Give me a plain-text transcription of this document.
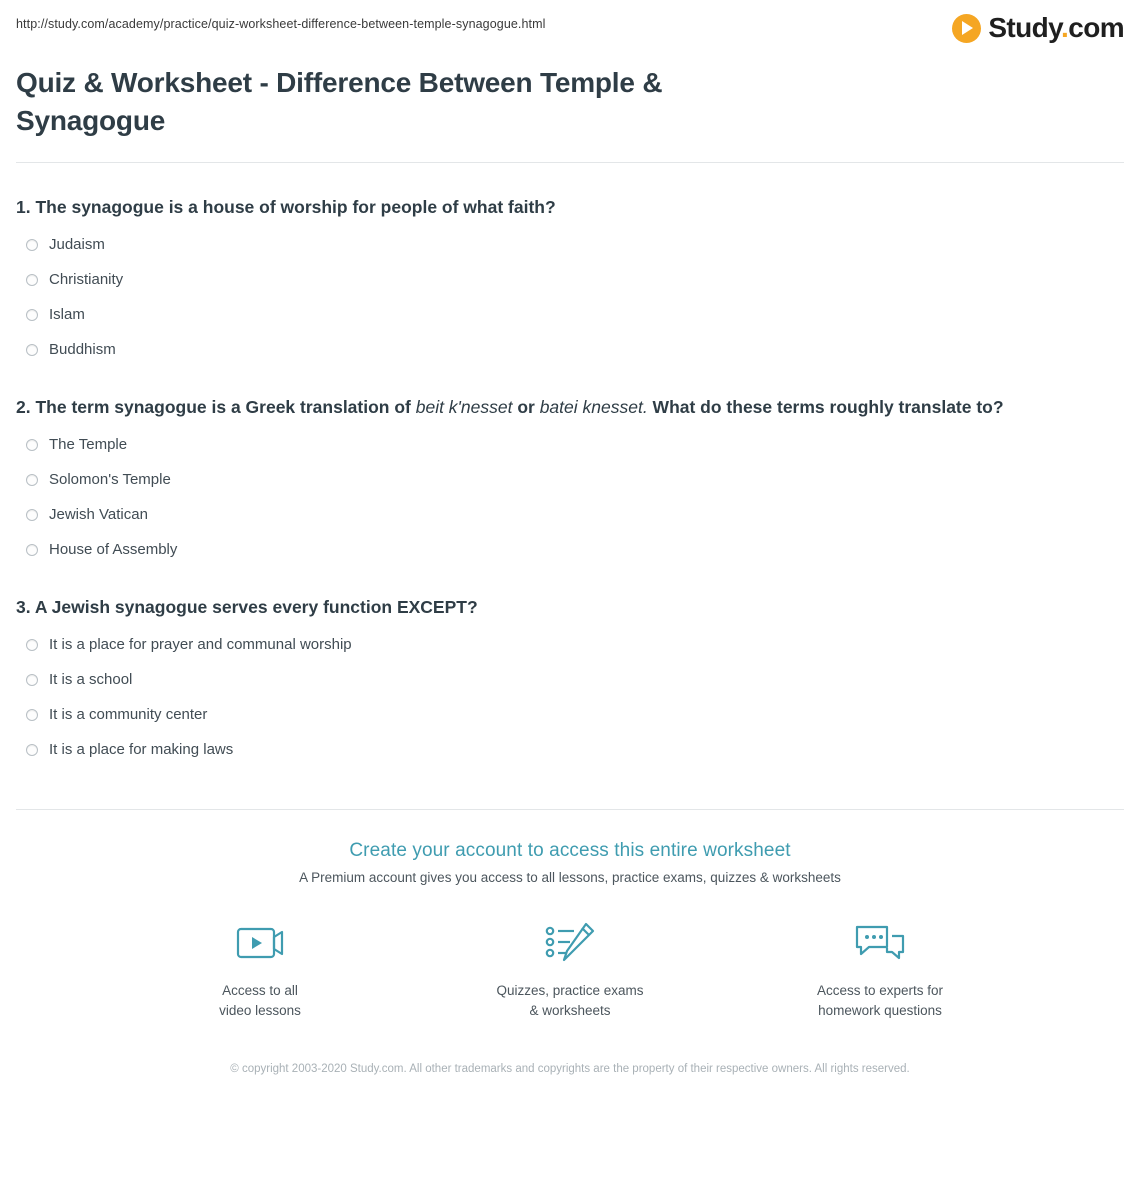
http://study.com/academy/practice/quiz-worksheet-difference-between-temple-synagogue.html	Study.com
Quiz & Worksheet - Difference Between Temple & Synagogue

1. The synagogue is a house of worship for people of what faith?

Judaism
Christianity
Islam
Buddhism

2. The term synagogue is a Greek translation of beit k'nesset or batei knesset. What do these terms roughly translate to?

The Temple
Solomon's Temple
Jewish Vatican
House of Assembly

3. A Jewish synagogue serves every function EXCEPT?

It is a place for prayer and communal worship
It is a school
It is a community center
It is a place for making laws
Create your account to access this entire worksheet
A Premium account gives you access to all lessons, practice exams, quizzes & worksheets
Access to all
video lessons
Quizzes, practice exams
& worksheets
Access to experts for
homework questions
© copyright 2003-2020 Study.com. All other trademarks and copyrights are the property of their respective owners. All rights reserved.
